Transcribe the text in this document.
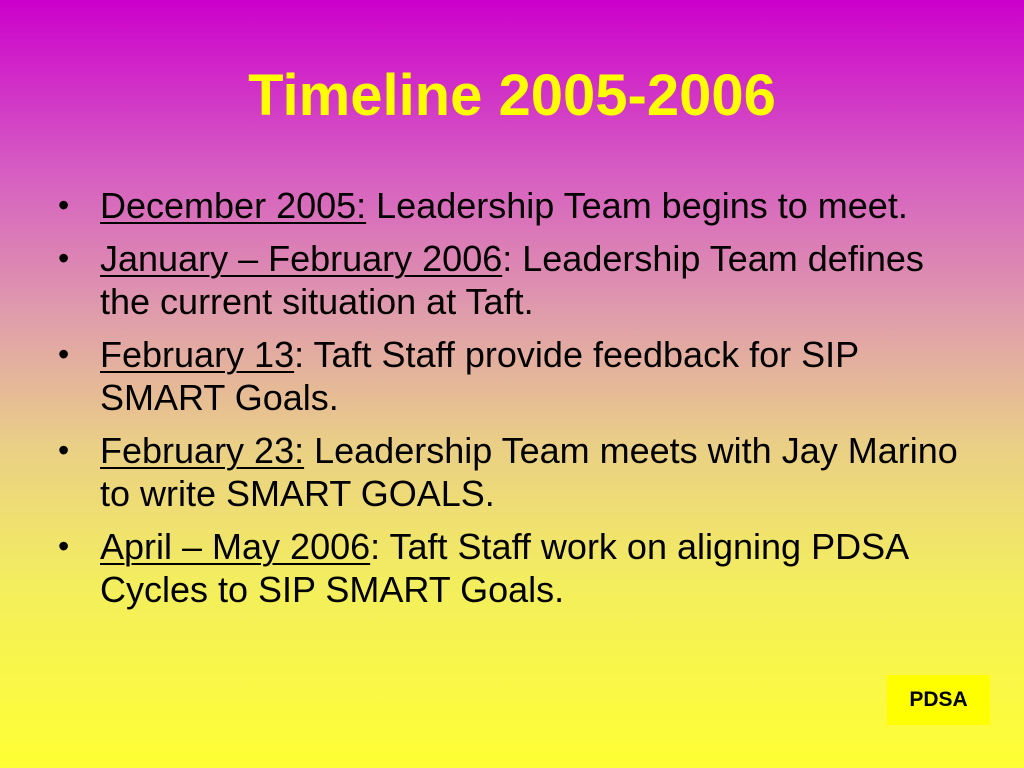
Timeline 2005-2006
• December 2005: Leadership Team begins to meet.
• January – February 2006: Leadership Team defines the current situation at Taft.
• February 13: Taft Staff provide feedback for SIP SMART Goals.
• February 23: Leadership Team meets with Jay Marino to write SMART GOALS.
• April – May 2006: Taft Staff work on aligning PDSA Cycles to SIP SMART Goals.
PDSA
